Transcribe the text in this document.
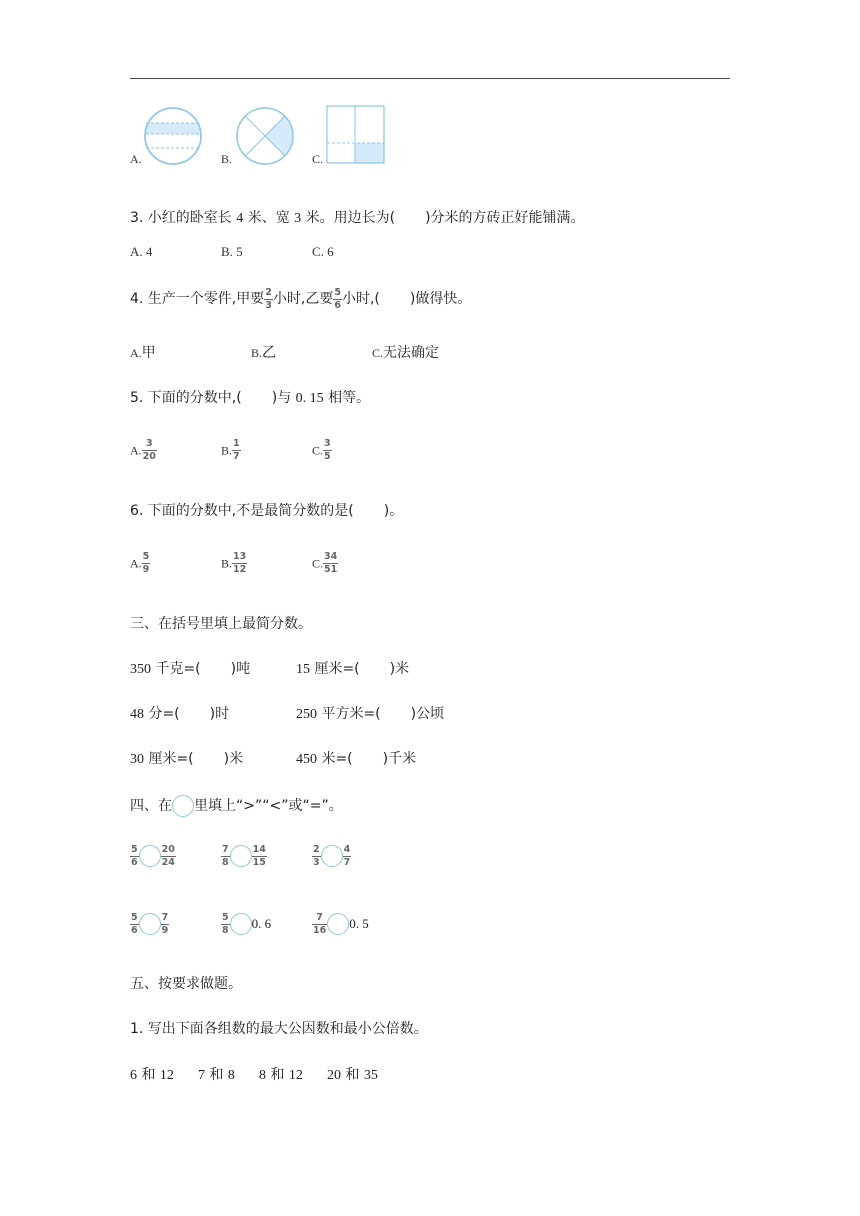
A.	B.	C.
3. 小红的卧室长 4 米、宽 3 米。用边长为( )分米的方砖正好能铺满。
A. 4	B. 5	C. 6
4. 生产一个零件,甲要 $\frac{2}{3}$ 小时,乙要 $\frac{5}{6}$ 小时,( )做得快。
A.甲	B.乙	C.无法确定
5. 下面的分数中,( )与 0. 15 相等。
A. $\frac{3}{20}$	B. $\frac{1}{7}$	C. $\frac{3}{5}$
6. 下面的分数中,不是最简分数的是( )。
A. $\frac{5}{9}$	B. $\frac{13}{12}$	C. $\frac{34}{51}$
三、在括号里填上最简分数。
350 千克=( )吨	15 厘米=( )米
48 分=( )时	250 平方米=( )公顷
30 厘米=( )米	450 米=( )千米
四、在 里填上“>”“<”或“=”。
$\frac{5}{6} \frac{20}{24}$	$\frac{7}{8} \frac{14}{15}$	$\frac{2}{3} \frac{4}{7}$
$\frac{5}{6} \frac{7}{9}$	$\frac{5}{8} 0$. 6	$\frac{7}{16} 0$. 5
五、按要求做题。
1. 写出下面各组数的最大公因数和最小公倍数。
6 和 12 7 和 8 8 和 12 20 和 35
